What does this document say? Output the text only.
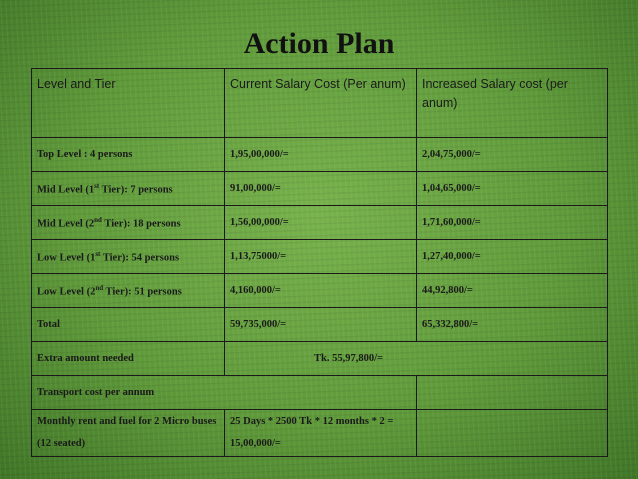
Action Plan
Level and Tier	Current Salary Cost (Per anum)	Increased Salary cost (per anum)
Top Level : 4 persons	1,95,00,000/=	2,04,75,000/=
Mid Level (1st Tier): 7 persons	91,00,000/=	1,04,65,000/=
Mid Level (2nd Tier): 18 persons	1,56,00,000/=	1,71,60,000/=
Low Level (1st Tier): 54 persons	1,13,75000/=	1,27,40,000/=
Low Level (2nd Tier): 51 persons	4,160,000/=	44,92,800/=
Total	59,735,000/=	65,332,800/=
Extra amount needed	Tk. 55,97,800/=	
Transport cost per annum		
Monthly rent and fuel for 2 Micro buses (12 seated)	25 Days * 2500 Tk * 12 months * 2 = 15,00,000/=	
